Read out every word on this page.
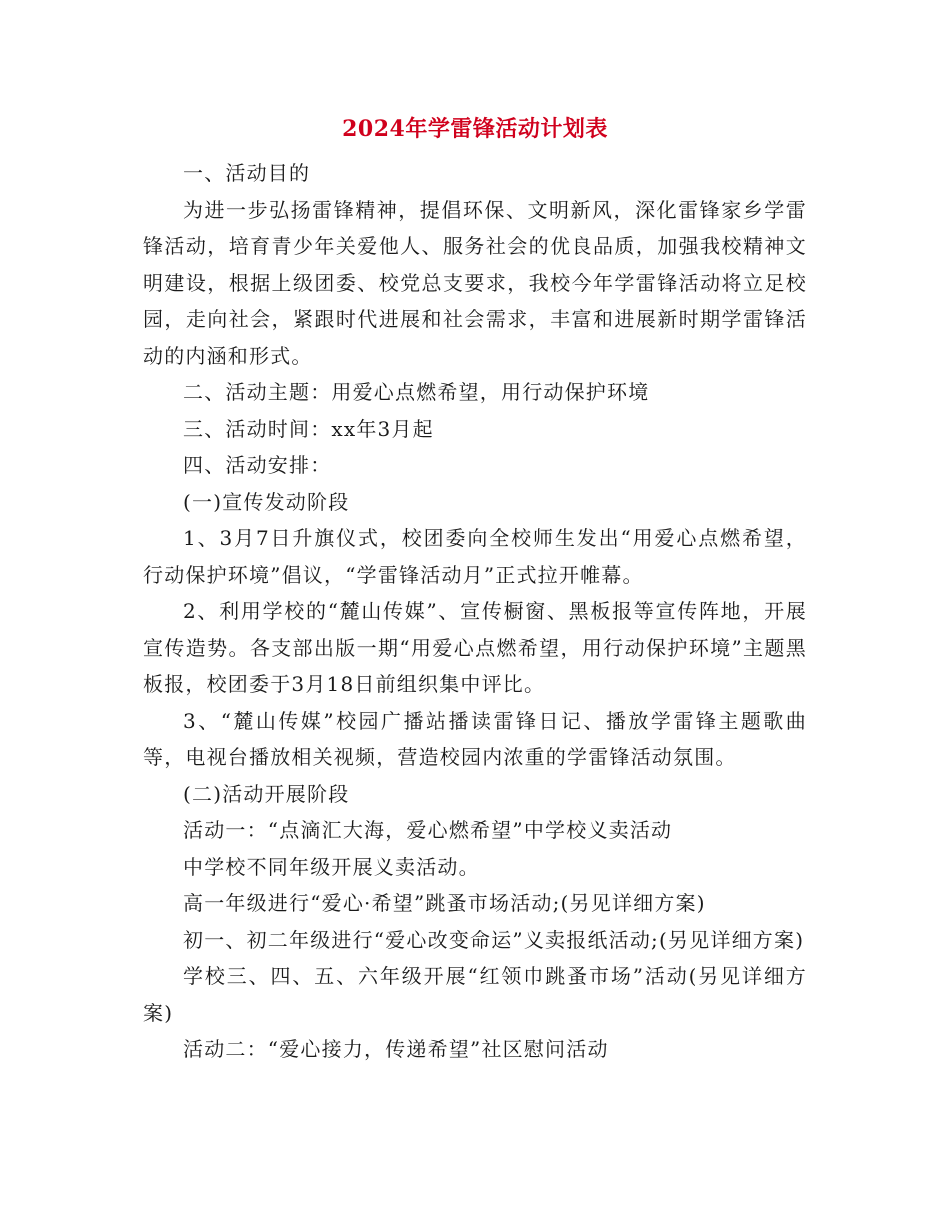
2024年学雷锋活动计划表

一、活动目的

为进一步弘扬雷锋精神，提倡环保、文明新风，深化雷锋家乡学雷锋活动，培育青少年关爱他人、服务社会的优良品质，加强我校精神文明建设，根据上级团委、校党总支要求，我校今年学雷锋活动将立足校园，走向社会，紧跟时代进展和社会需求，丰富和进展新时期学雷锋活动的内涵和形式。

二、活动主题：用爱心点燃希望，用行动保护环境

三、活动时间：xx年3月起

四、活动安排：

(一)宣传发动阶段

1、3月7日升旗仪式，校团委向全校师生发出“用爱心点燃希望，行动保护环境”倡议，“学雷锋活动月”正式拉开帷幕。

2、利用学校的“麓山传媒”、宣传橱窗、黑板报等宣传阵地，开展宣传造势。各支部出版一期“用爱心点燃希望，用行动保护环境”主题黑板报，校团委于3月18日前组织集中评比。

3、“麓山传媒”校园广播站播读雷锋日记、播放学雷锋主题歌曲等，电视台播放相关视频，营造校园内浓重的学雷锋活动氛围。

(二)活动开展阶段

活动一：“点滴汇大海，爱心燃希望”中学校义卖活动

中学校不同年级开展义卖活动。

高一年级进行“爱心·希望”跳蚤市场活动;(另见详细方案)

初一、初二年级进行“爱心改变命运”义卖报纸活动;(另见详细方案)

学校三、四、五、六年级开展“红领巾跳蚤市场”活动(另见详细方案)

活动二：“爱心接力，传递希望”社区慰问活动
